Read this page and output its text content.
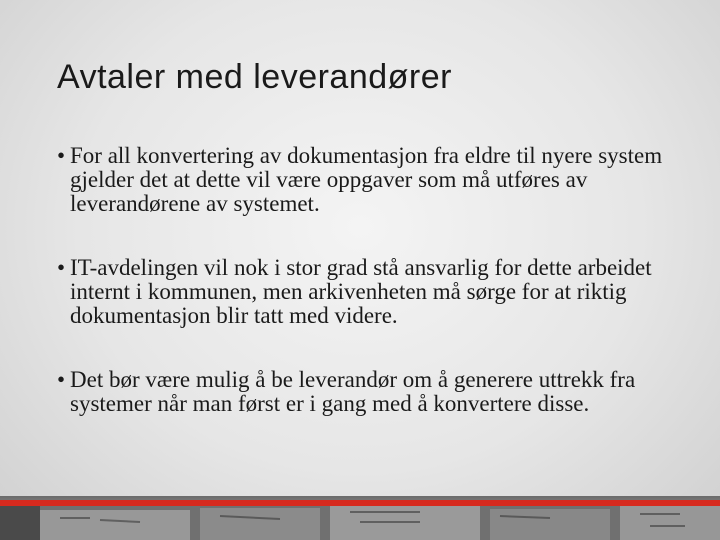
Avtaler med leverandører
• For all konvertering av dokumentasjon fra eldre til nyere system gjelder det at dette vil være oppgaver som må utføres av leverandørene av systemet.
• IT-avdelingen vil nok i stor grad stå ansvarlig for dette arbeidet internt i kommunen, men arkivenheten må sørge for at riktig dokumentasjon blir tatt med videre.
• Det bør være mulig å be leverandør om å generere uttrekk fra systemer når man først er i gang med å konvertere disse.
